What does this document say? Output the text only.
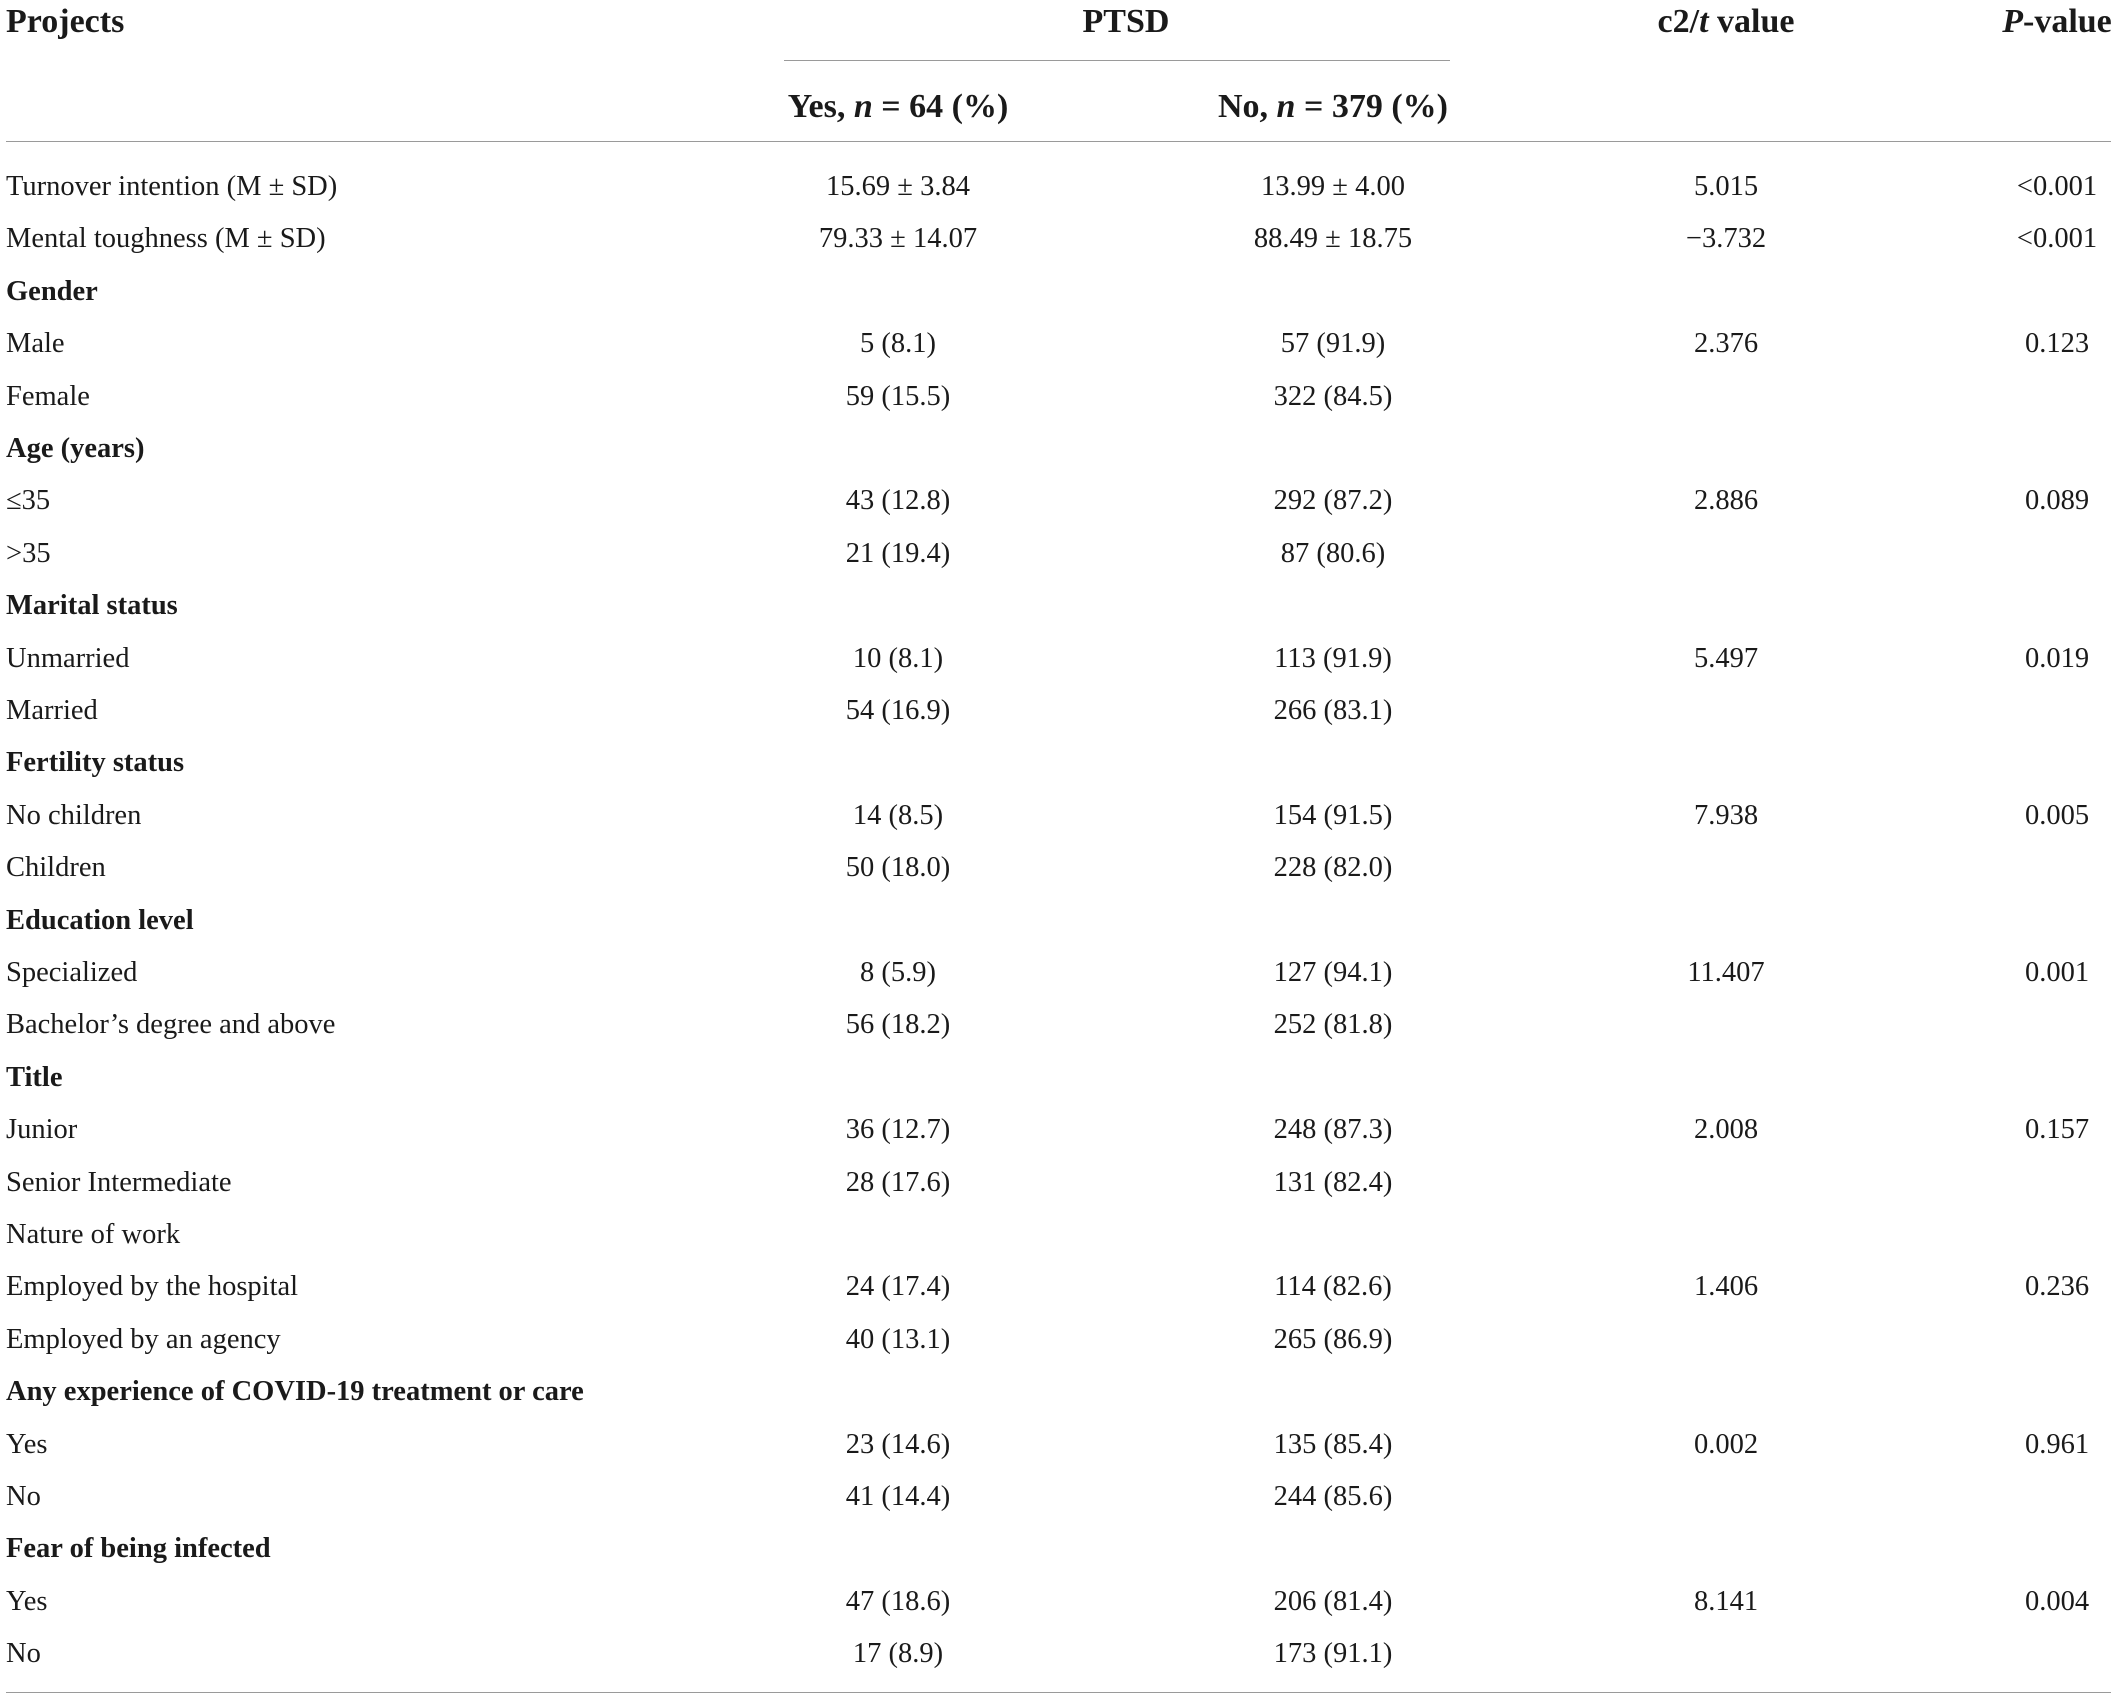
Projects	PTSD	c2/t value	P-value
Yes, n = 64 (%)	No, n = 379 (%)
Turnover intention (M ± SD)	15.69 ± 3.84	13.99 ± 4.00	5.015	<0.001
Mental toughness (M ± SD)	79.33 ± 14.07	88.49 ± 18.75	−3.732	<0.001
Gender
Male	5 (8.1)	57 (91.9)	2.376	0.123
Female	59 (15.5)	322 (84.5)
Age (years)
≤35	43 (12.8)	292 (87.2)	2.886	0.089
>35	21 (19.4)	87 (80.6)
Marital status
Unmarried	10 (8.1)	113 (91.9)	5.497	0.019
Married	54 (16.9)	266 (83.1)
Fertility status
No children	14 (8.5)	154 (91.5)	7.938	0.005
Children	50 (18.0)	228 (82.0)
Education level
Specialized	8 (5.9)	127 (94.1)	11.407	0.001
Bachelor’s degree and above	56 (18.2)	252 (81.8)
Title
Junior	36 (12.7)	248 (87.3)	2.008	0.157
Senior Intermediate	28 (17.6)	131 (82.4)
Nature of work
Employed by the hospital	24 (17.4)	114 (82.6)	1.406	0.236
Employed by an agency	40 (13.1)	265 (86.9)
Any experience of COVID-19 treatment or care
Yes	23 (14.6)	135 (85.4)	0.002	0.961
No	41 (14.4)	244 (85.6)
Fear of being infected
Yes	47 (18.6)	206 (81.4)	8.141	0.004
No	17 (8.9)	173 (91.1)
